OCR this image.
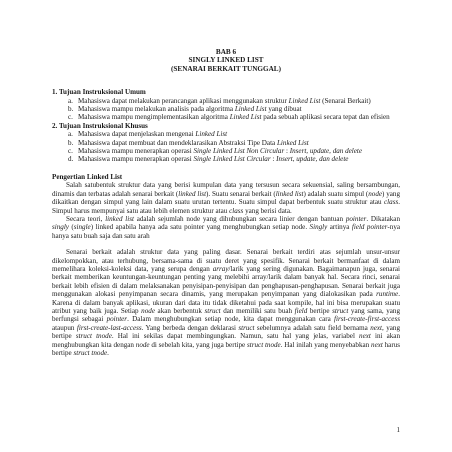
BAB 6
SINGLY LINKED LIST
(SENARAI BERKAIT TUNGGAL)
1. Tujuan Instruksional Umum
a. Mahasiswa dapat melakukan perancangan aplikasi menggunakan struktur Linked List (Senarai Berkait)
b. Mahasiswa mampu melakukan analisis pada algoritma Linked List yang dibuat
c. Mahasiswa mampu mengimplementasikan algoritma Linked List pada sebuah aplikasi secara tepat dan efisien
2. Tujuan Instruksional Khusus
a. Mahasiswa dapat menjelaskan mengenai Linked List
b. Mahasiswa dapat membuat dan mendeklarasikan Abstraksi Tipe Data Linked List
c. Mahasiswa mampu menerapkan operasi Single Linked List Non Circular : Insert, update, dan delete
d. Mahasiswa mampu menerapkan operasi Single Linked List Circular : Insert, update, dan delete
Pengertian Linked List

Salah satubentuk struktur data yang berisi kumpulan data yang tersusun secara sekuensial, saling bersambungan, dinamis dan terbatas adalah senarai berkait (linked list). Suatu senarai berkait (linked list) adalah suatu simpul (node) yang dikaitkan dengan simpul yang lain dalam suatu urutan tertentu. Suatu simpul dapat berbentuk suatu struktur atau class. Simpul harus mempunyai satu atau lebih elemen struktur atau class yang berisi data.

Secara teori, linked list adalah sejumlah node yang dihubungkan secara linier dengan bantuan pointer. Dikatakan singly (single) linked apabila hanya ada satu pointer yang menghubungkan setiap node. Singly artinya field pointer-nya hanya satu buah saja dan satu arah

Senarai berkait adalah struktur data yang paling dasar. Senarai berkait terdiri atas sejumlah unsur-unsur dikelompokkan, atau terhubung, bersama-sama di suatu deret yang spesifik. Senarai berkait bermanfaat di dalam memelihara koleksi-koleksi data, yang serupa dengan array/larik yang sering digunakan. Bagaimanapun juga, senarai berkait memberikan keuntungan-keuntungan penting yang melebihi array/larik dalam banyak hal. Secara rinci, senarai berkait lebih efisien di dalam melaksanakan penyisipan-penyisipan dan penghapusan-penghapusan. Senarai berkait juga menggunakan alokasi penyimpanan secara dinamis, yang merupakan penyimpanan yang dialokasikan pada runtime. Karena di dalam banyak aplikasi, ukuran dari data itu tidak diketahui pada saat kompile, hal ini bisa merupakan suatu atribut yang baik juga. Setiap node akan berbentuk struct dan memiliki satu buah field bertipe struct yang sama, yang berfungsi sebagai pointer. Dalam menghubungkan setiap node, kita dapat menggunakan cara first-create-first-access ataupun first-create-last-access. Yang berbeda dengan deklarasi struct sebelumnya adalah satu field bernama next, yang bertipe struct tnode. Hal ini sekilas dapat membingungkan. Namun, satu hal yang jelas, variabel next ini akan menghubungkan kita dengan node di sebelah kita, yang juga bertipe struct tnode. Hal inilah yang menyebabkan next harus bertipe struct tnode.

1
